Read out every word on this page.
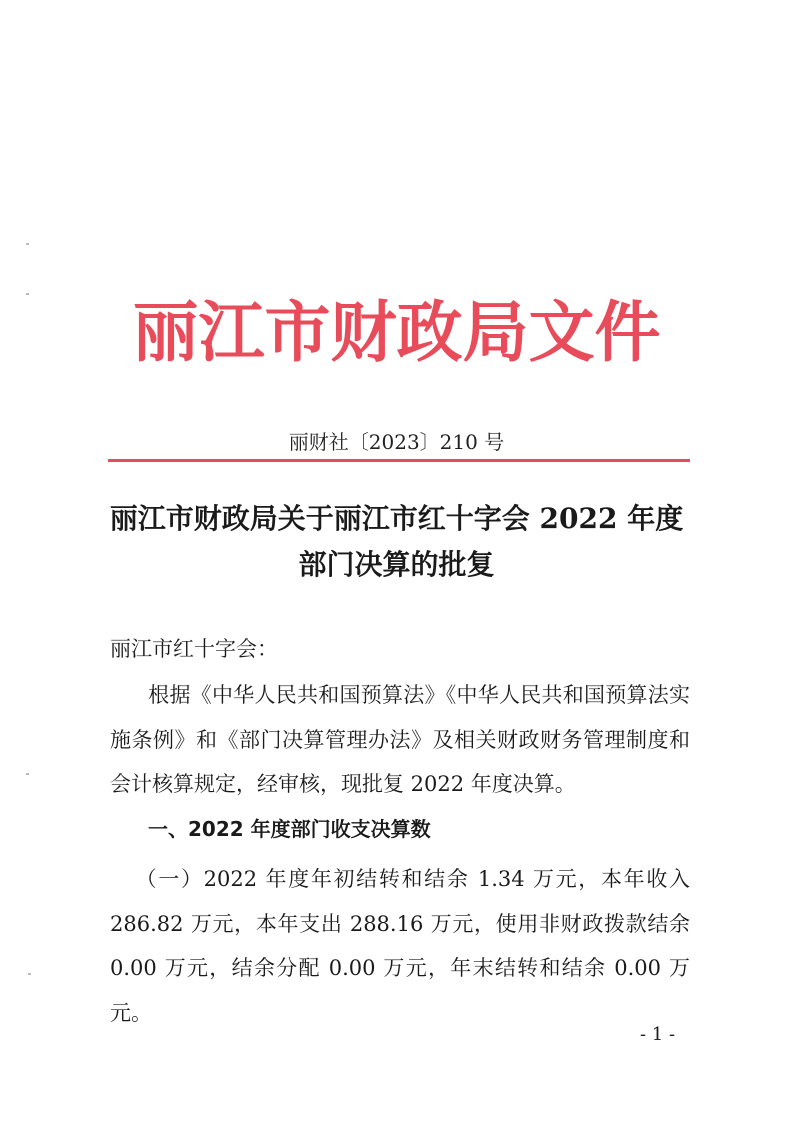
丽江市财政局文件
丽财社〔2023〕210 号
丽江市财政局关于丽江市红十字会 2022 年度
部门决算的批复
丽江市红十字会：
根据《中华人民共和国预算法》《中华人民共和国预算法实施条例》和《部门决算管理办法》及相关财政财务管理制度和会计核算规定，经审核，现批复 2022 年度决算。
一、2022 年度部门收支决算数
（一）2022 年度年初结转和结余 1.34 万元，本年收入 286.82 万元，本年支出 288.16 万元，使用非财政拨款结余 0.00 万元，结余分配 0.00 万元，年末结转和结余 0.00 万元。
- 1 -
